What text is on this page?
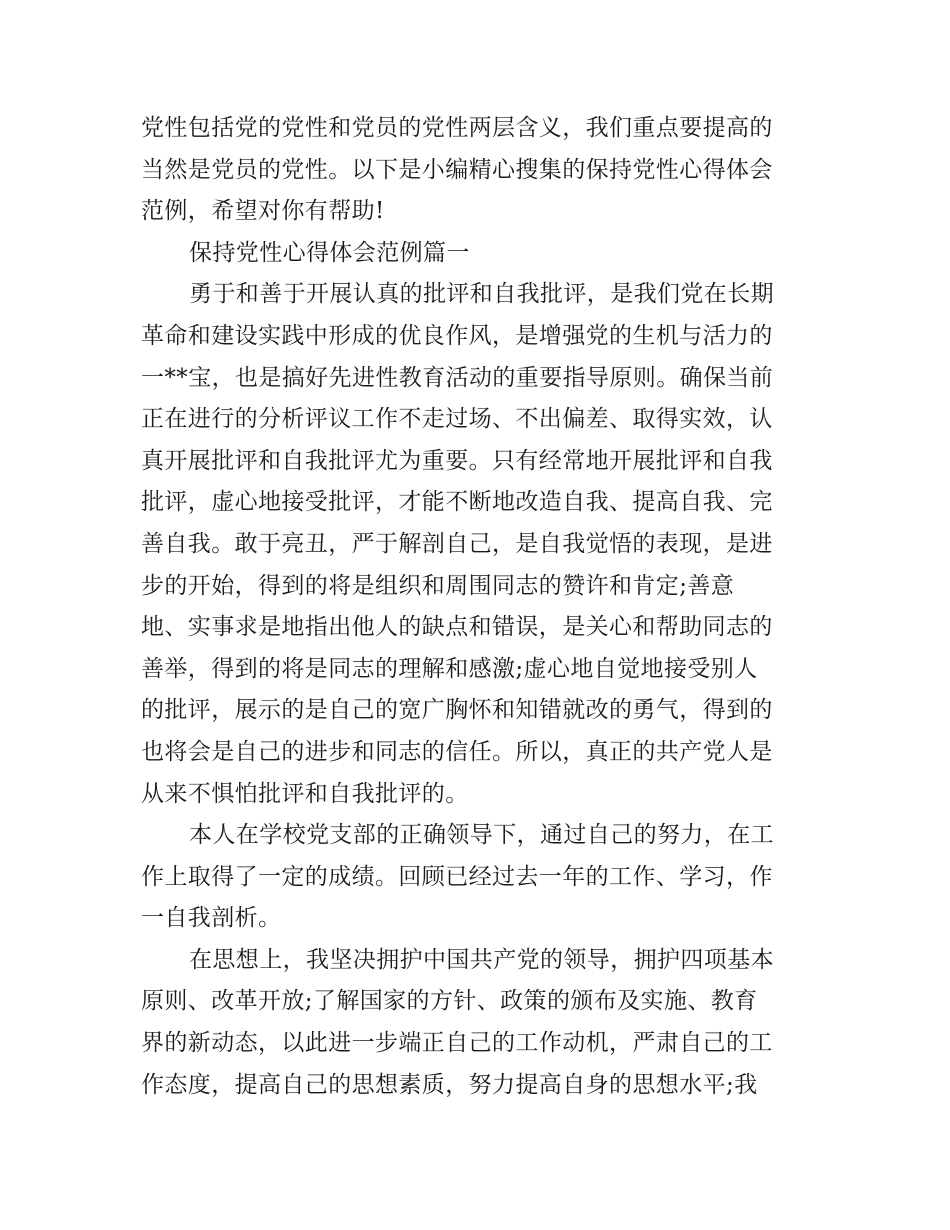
党性包括党的党性和党员的党性两层含义，我们重点要提高的
当然是党员的党性。以下是小编精心搜集的保持党性心得体会
范例，希望对你有帮助!
保持党性心得体会范例篇一
勇于和善于开展认真的批评和自我批评，是我们党在长期
革命和建设实践中形成的优良作风，是增强党的生机与活力的
一**宝，也是搞好先进性教育活动的重要指导原则。确保当前
正在进行的分析评议工作不走过场、不出偏差、取得实效，认
真开展批评和自我批评尤为重要。只有经常地开展批评和自我
批评，虚心地接受批评，才能不断地改造自我、提高自我、完
善自我。敢于亮丑，严于解剖自己，是自我觉悟的表现，是进
步的开始，得到的将是组织和周围同志的赞许和肯定;善意
地、实事求是地指出他人的缺点和错误，是关心和帮助同志的
善举，得到的将是同志的理解和感激;虚心地自觉地接受别人
的批评，展示的是自己的宽广胸怀和知错就改的勇气，得到的
也将会是自己的进步和同志的信任。所以，真正的共产党人是
从来不惧怕批评和自我批评的。
本人在学校党支部的正确领导下，通过自己的努力，在工
作上取得了一定的成绩。回顾已经过去一年的工作、学习，作
一自我剖析。
在思想上，我坚决拥护中国共产党的领导，拥护四项基本
原则、改革开放;了解国家的方针、政策的颁布及实施、教育
界的新动态，以此进一步端正自己的工作动机，严肃自己的工
作态度，提高自己的思想素质，努力提高自身的思想水平;我
